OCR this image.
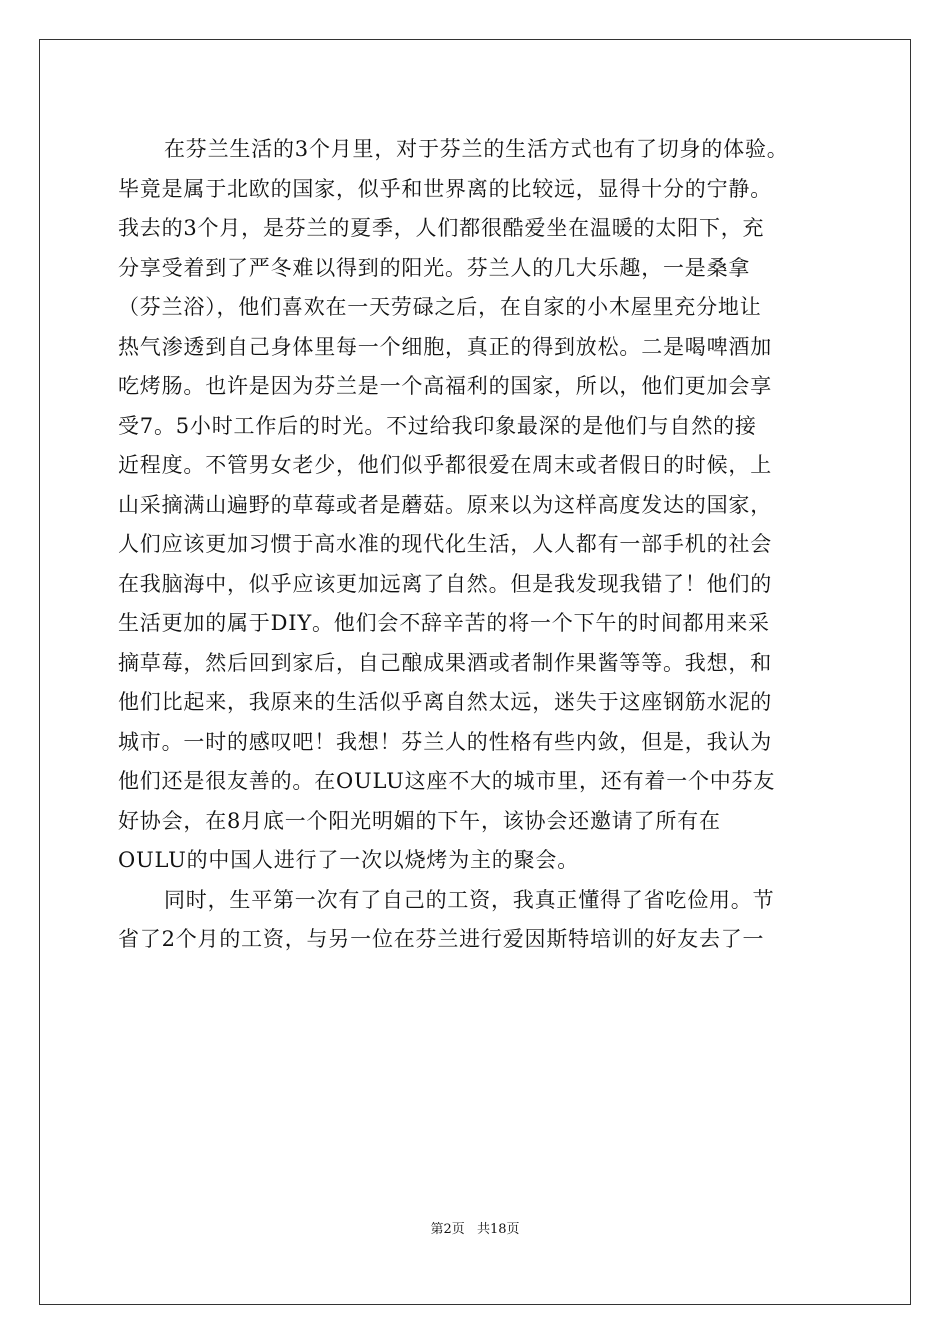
在芬兰生活的3个月里，对于芬兰的生活方式也有了切身的体验。
毕竟是属于北欧的国家，似乎和世界离的比较远，显得十分的宁静。
我去的3个月，是芬兰的夏季，人们都很酷爱坐在温暖的太阳下，充
分享受着到了严冬难以得到的阳光。芬兰人的几大乐趣，一是桑拿
（芬兰浴），他们喜欢在一天劳碌之后，在自家的小木屋里充分地让
热气渗透到自己身体里每一个细胞，真正的得到放松。二是喝啤酒加
吃烤肠。也许是因为芬兰是一个高福利的国家，所以，他们更加会享
受7。5小时工作后的时光。不过给我印象最深的是他们与自然的接
近程度。不管男女老少，他们似乎都很爱在周末或者假日的时候，上
山采摘满山遍野的草莓或者是蘑菇。原来以为这样高度发达的国家，
人们应该更加习惯于高水准的现代化生活，人人都有一部手机的社会
在我脑海中，似乎应该更加远离了自然。但是我发现我错了！他们的
生活更加的属于DIY。他们会不辞辛苦的将一个下午的时间都用来采
摘草莓，然后回到家后，自己酿成果酒或者制作果酱等等。我想，和
他们比起来，我原来的生活似乎离自然太远，迷失于这座钢筋水泥的
城市。一时的感叹吧！我想！芬兰人的性格有些内敛，但是，我认为
他们还是很友善的。在OULU这座不大的城市里，还有着一个中芬友
好协会，在8月底一个阳光明媚的下午，该协会还邀请了所有在
OULU的中国人进行了一次以烧烤为主的聚会。
同时，生平第一次有了自己的工资，我真正懂得了省吃俭用。节
省了2个月的工资，与另一位在芬兰进行爱因斯特培训的好友去了一
第2页 共18页
